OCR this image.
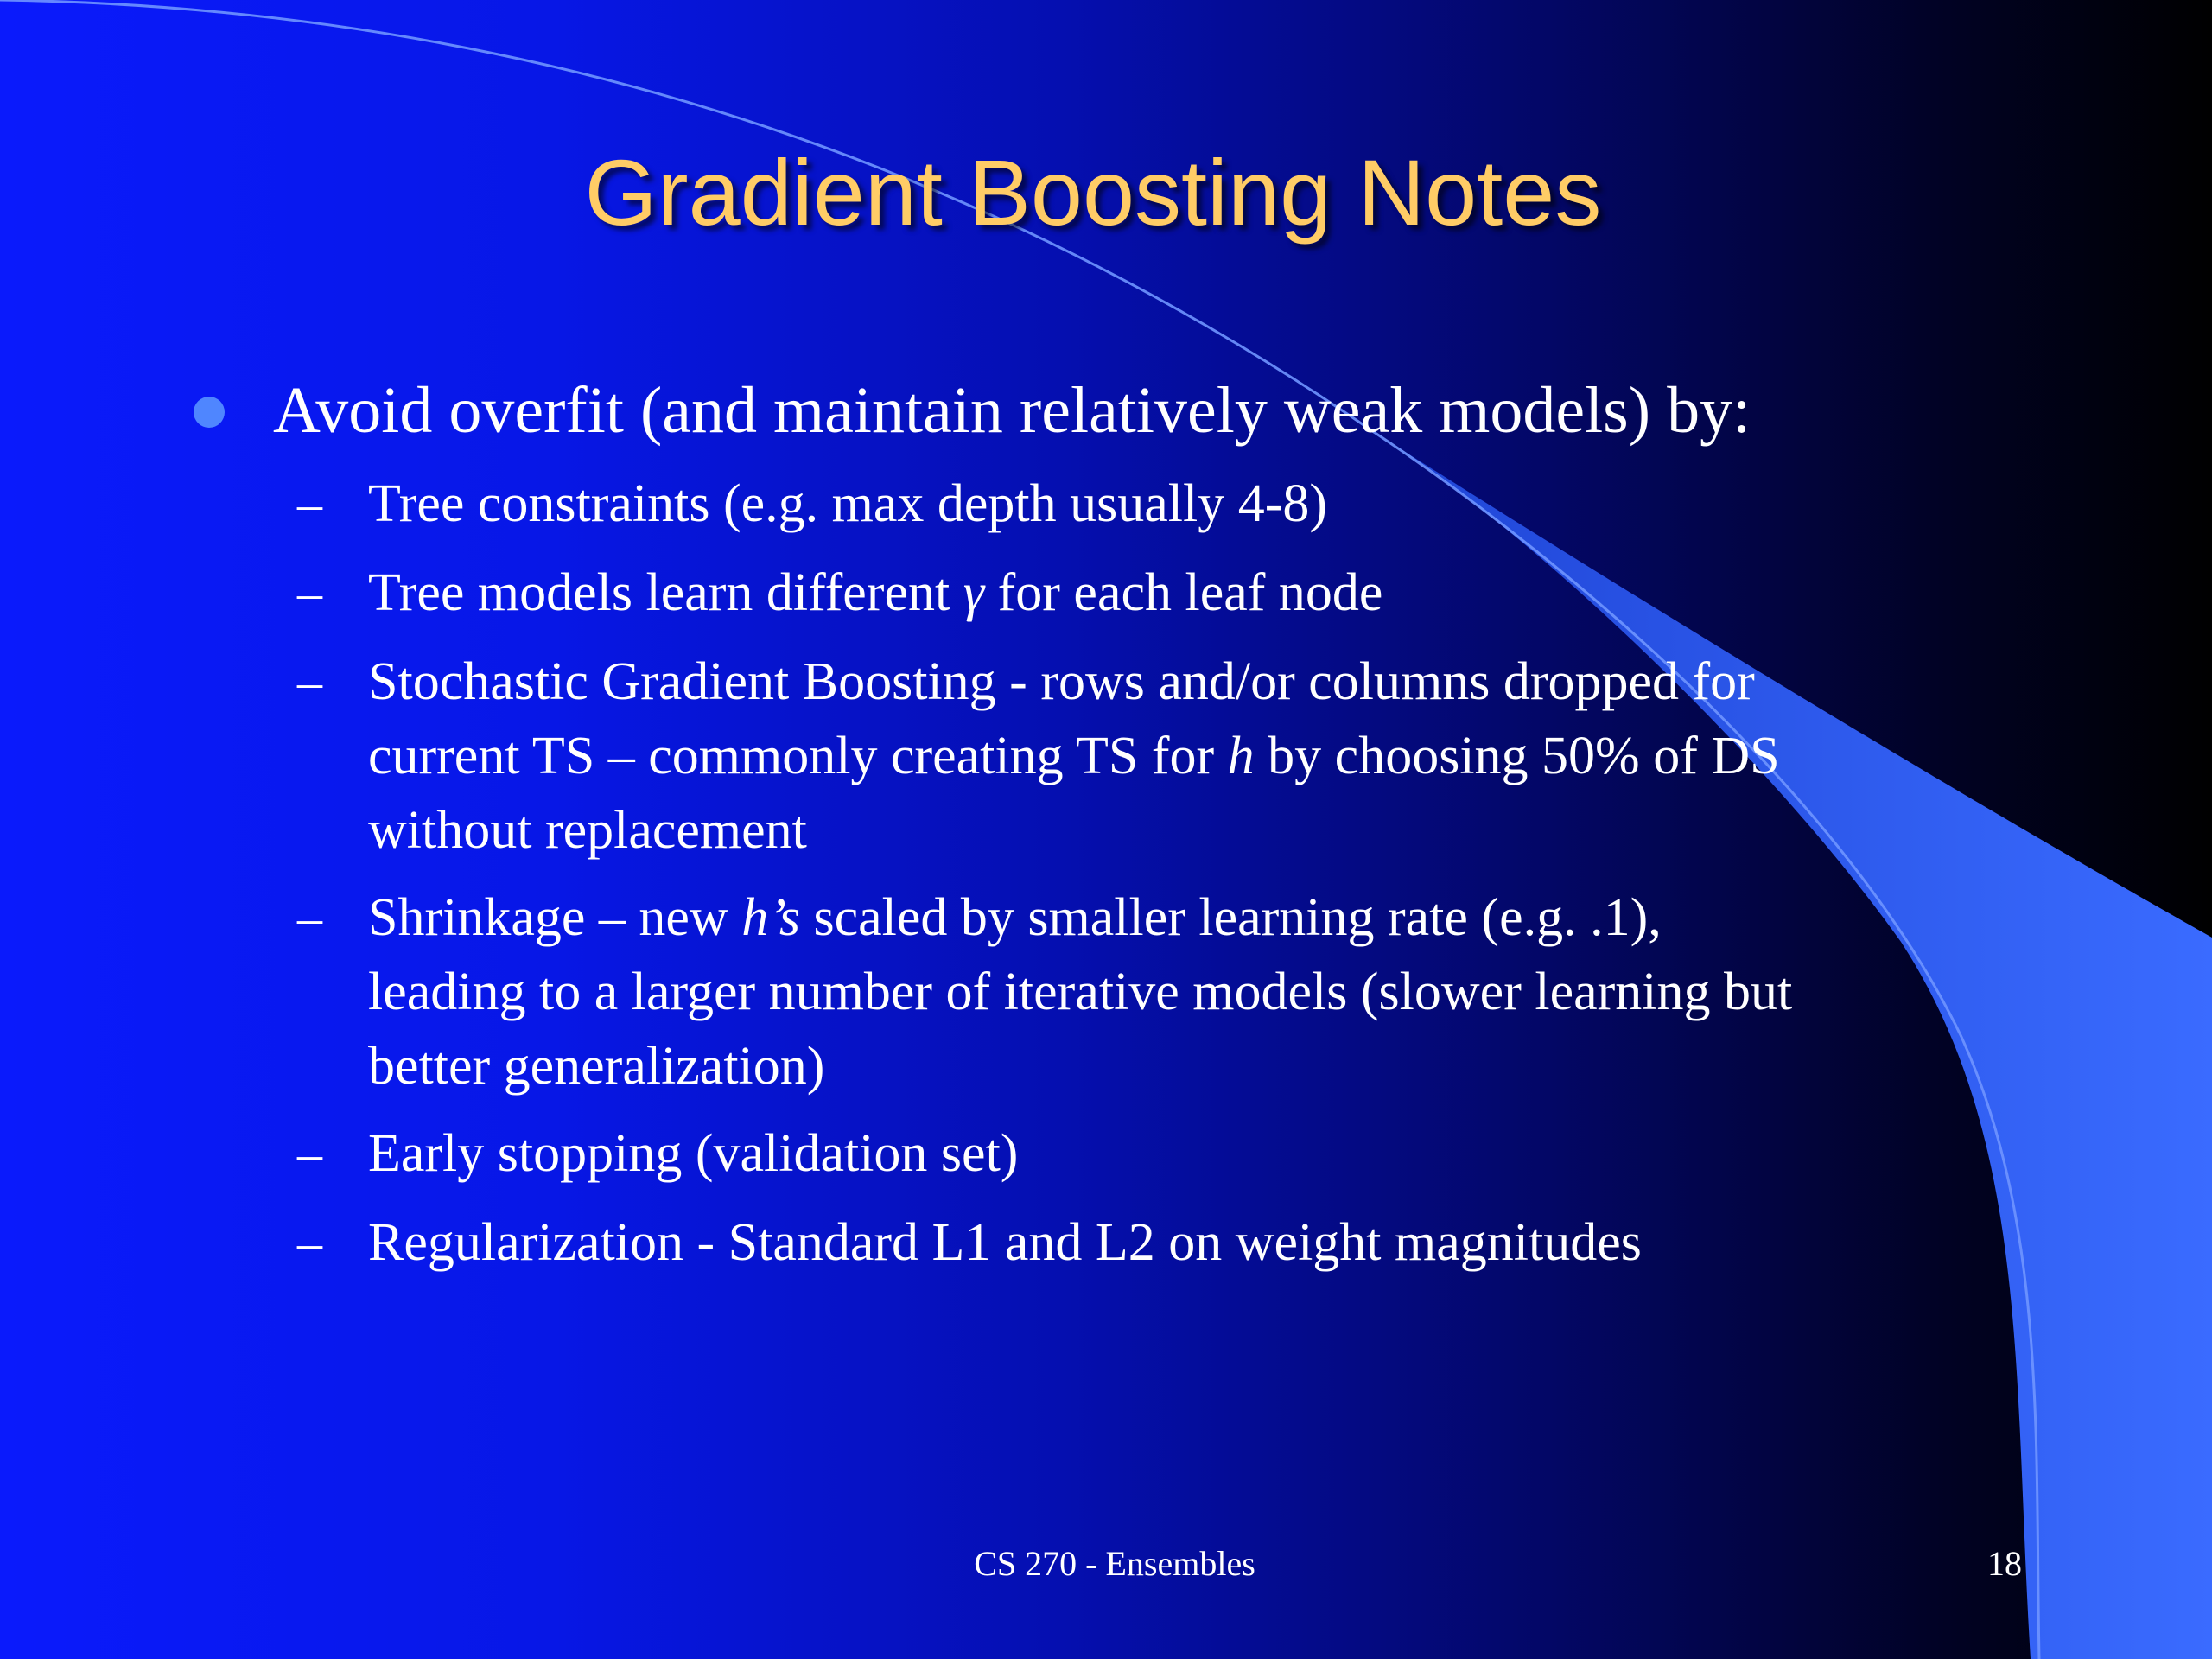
Gradient Boosting Notes
Avoid overfit (and maintain relatively weak models) by:
– Tree constraints (e.g. max depth usually 4-8)
– Tree models learn different γ for each leaf node
– Stochastic Gradient Boosting - rows and/or columns dropped for
current TS – commonly creating TS for h by choosing 50% of DS
without replacement
– Shrinkage – new h’s scaled by smaller learning rate (e.g. .1),
leading to a larger number of iterative models (slower learning but
better generalization)
– Early stopping (validation set)
– Regularization - Standard L1 and L2 on weight magnitudes
CS 270 - Ensembles	18
